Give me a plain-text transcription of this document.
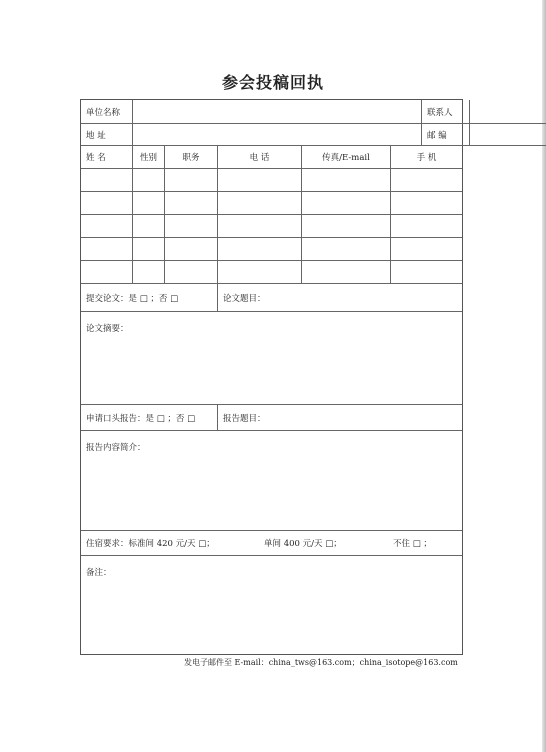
参会投稿回执
单位名称	联系人
地 址	邮 编
姓 名	性别	职务	电 话	传真/E-mail	手 机
提交论文：是 □ ；否 □	论文题目：
论文摘要：
申请口头报告：是 □ ；否 □	报告题目：
报告内容简介：
住宿要求：标准间 420 元/天 □；	单间 400 元/天 □；	不住 □ ；
备注：
发电子邮件至 E-mail：china_tws@163.com；china_isotope@163.com
